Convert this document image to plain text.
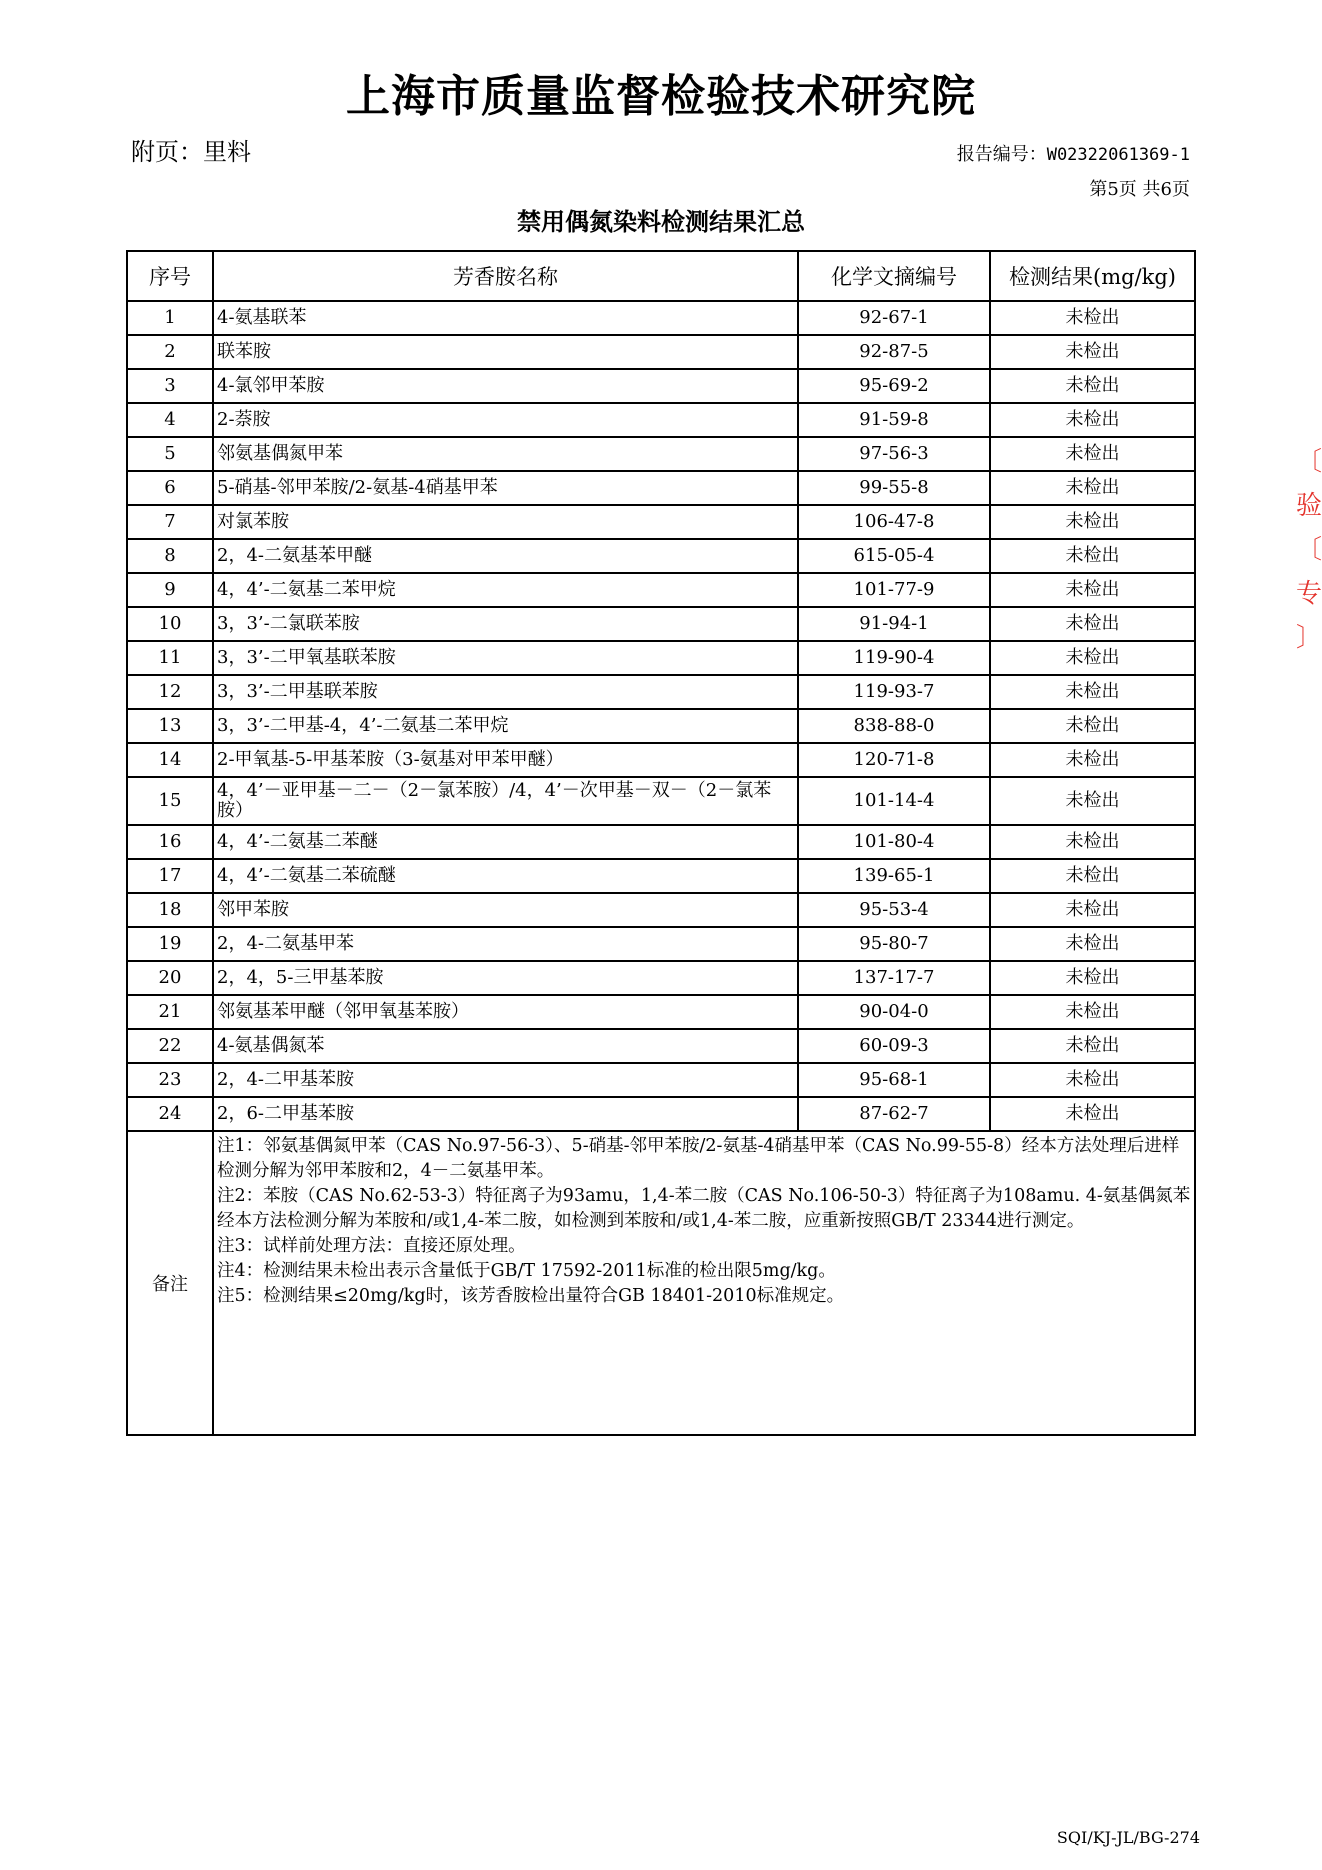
上海市质量监督检验技术研究院
附页：里料	报告编号：W02322061369-1
第5页 共6页
禁用偶氮染料检测结果汇总
序号	芳香胺名称	化学文摘编号	检测结果(mg/kg)
1	4-氨基联苯	92-67-1	未检出
2	联苯胺	92-87-5	未检出
3	4-氯邻甲苯胺	95-69-2	未检出
4	2-萘胺	91-59-8	未检出
5	邻氨基偶氮甲苯	97-56-3	未检出
6	5-硝基-邻甲苯胺/2-氨基-4硝基甲苯	99-55-8	未检出
7	对氯苯胺	106-47-8	未检出
8	2，4-二氨基苯甲醚	615-05-4	未检出
9	4，4’-二氨基二苯甲烷	101-77-9	未检出
10	3，3’-二氯联苯胺	91-94-1	未检出
11	3，3’-二甲氧基联苯胺	119-90-4	未检出
12	3，3’-二甲基联苯胺	119-93-7	未检出
13	3，3’-二甲基-4，4’-二氨基二苯甲烷	838-88-0	未检出
14	2-甲氧基-5-甲基苯胺（3-氨基对甲苯甲醚）	120-71-8	未检出
15	4，4’－亚甲基－二－（2－氯苯胺）/4，4’－次甲基－双－（2－氯苯胺）	101-14-4	未检出
16	4，4’-二氨基二苯醚	101-80-4	未检出
17	4，4’-二氨基二苯硫醚	139-65-1	未检出
18	邻甲苯胺	95-53-4	未检出
19	2，4-二氨基甲苯	95-80-7	未检出
20	2，4，5-三甲基苯胺	137-17-7	未检出
21	邻氨基苯甲醚（邻甲氧基苯胺）	90-04-0	未检出
22	4-氨基偶氮苯	60-09-3	未检出
23	2，4-二甲基苯胺	95-68-1	未检出
24	2，6-二甲基苯胺	87-62-7	未检出
备注	注1：邻氨基偶氮甲苯（CAS No.97-56-3）、5-硝基-邻甲苯胺/2-氨基-4硝基甲苯（CAS No.99-55-8）经本方法处理后进样检测分解为邻甲苯胺和2，4－二氨基甲苯。

注2：苯胺（CAS No.62-53-3）特征离子为93amu，1,4-苯二胺（CAS No.106-50-3）特征离子为108amu. 4-氨基偶氮苯经本方法检测分解为苯胺和/或1,4-苯二胺，如检测到苯胺和/或1,4-苯二胺，应重新按照GB/T 23344进行测定。

注3：试样前处理方法：直接还原处理。

注4：检测结果未检出表示含量低于GB/T 17592-2011标准的检出限5mg/kg。

注5：检测结果≤20mg/kg时，该芳香胺检出量符合GB 18401-2010标准规定。		

〔
验
〔
专
〕
SQI/KJ-JL/BG-274
